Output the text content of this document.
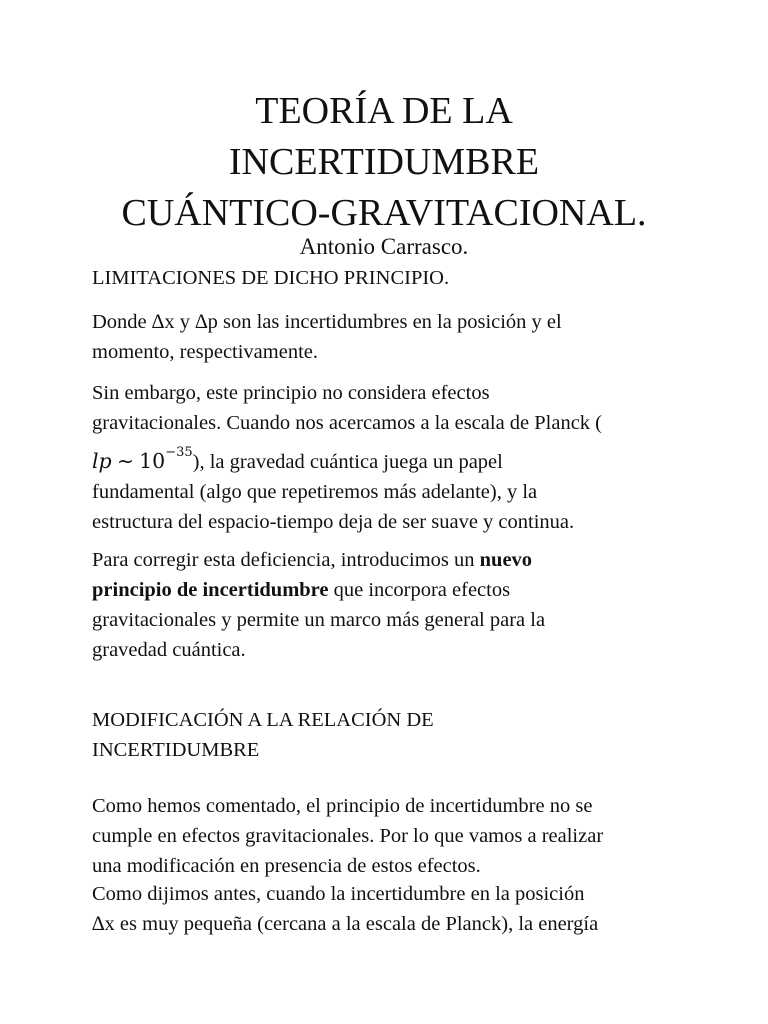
TEORÍA DE LA
INCERTIDUMBRE
CUÁNTICO-GRAVITACIONAL.
Antonio Carrasco.
LIMITACIONES DE DICHO PRINCIPIO.
Donde ∆x y ∆p son las incertidumbres en la posición y el
momento, respectivamente.
Sin embargo, este principio no considera efectos
gravitacionales. Cuando nos acercamos a la escala de Planck (
lp ∼ $10^{-35}$), la gravedad cuántica juega un papel
fundamental (algo que repetiremos más adelante), y la
estructura del espacio-tiempo deja de ser suave y continua.
Para corregir esta deficiencia, introducimos un nuevo
principio de incertidumbre que incorpora efectos
gravitacionales y permite un marco más general para la
gravedad cuántica.
MODIFICACIÓN A LA RELACIÓN DE
INCERTIDUMBRE
Como hemos comentado, el principio de incertidumbre no se
cumple en efectos gravitacionales. Por lo que vamos a realizar
una modificación en presencia de estos efectos.
Como dijimos antes, cuando la incertidumbre en la posición
∆x es muy pequeña (cercana a la escala de Planck), la energía
